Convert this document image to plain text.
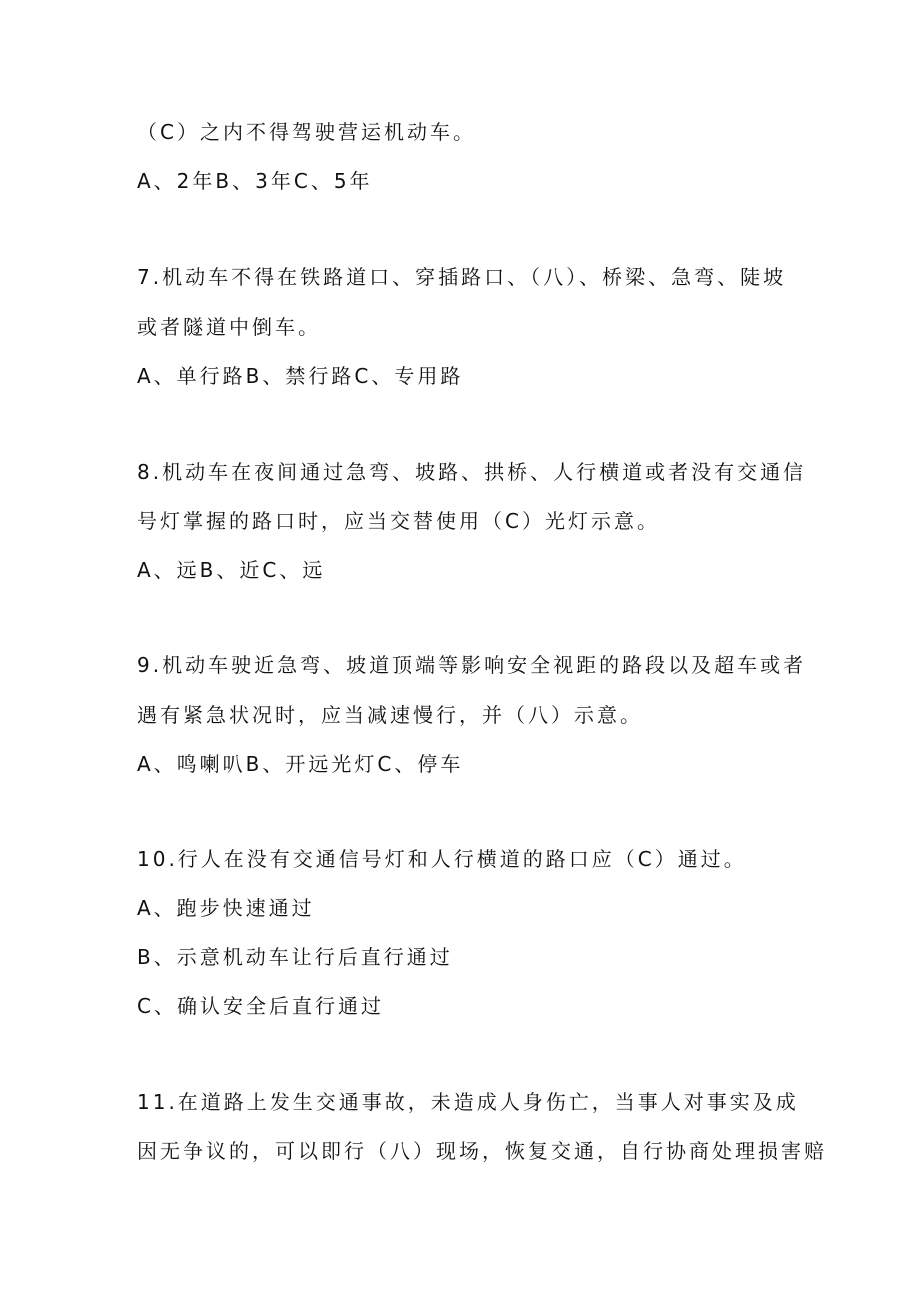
（C）之内不得驾驶营运机动车。
A、2年B、3年C、5年
7.机动车不得在铁路道口、穿插路口、（八）、桥梁、急弯、陡坡
或者隧道中倒车。
A、单行路B、禁行路C、专用路
8.机动车在夜间通过急弯、坡路、拱桥、人行横道或者没有交通信
号灯掌握的路口时，应当交替使用（C）光灯示意。
A、远B、近C、远
9.机动车驶近急弯、坡道顶端等影响安全视距的路段以及超车或者
遇有紧急状况时，应当减速慢行，并（八）示意。
A、鸣喇叭B、开远光灯C、停车
10.行人在没有交通信号灯和人行横道的路口应（C）通过。
A、跑步快速通过
B、示意机动车让行后直行通过
C、确认安全后直行通过
11.在道路上发生交通事故，未造成人身伤亡，当事人对事实及成
因无争议的，可以即行（八）现场，恢复交通，自行协商处理损害赔
